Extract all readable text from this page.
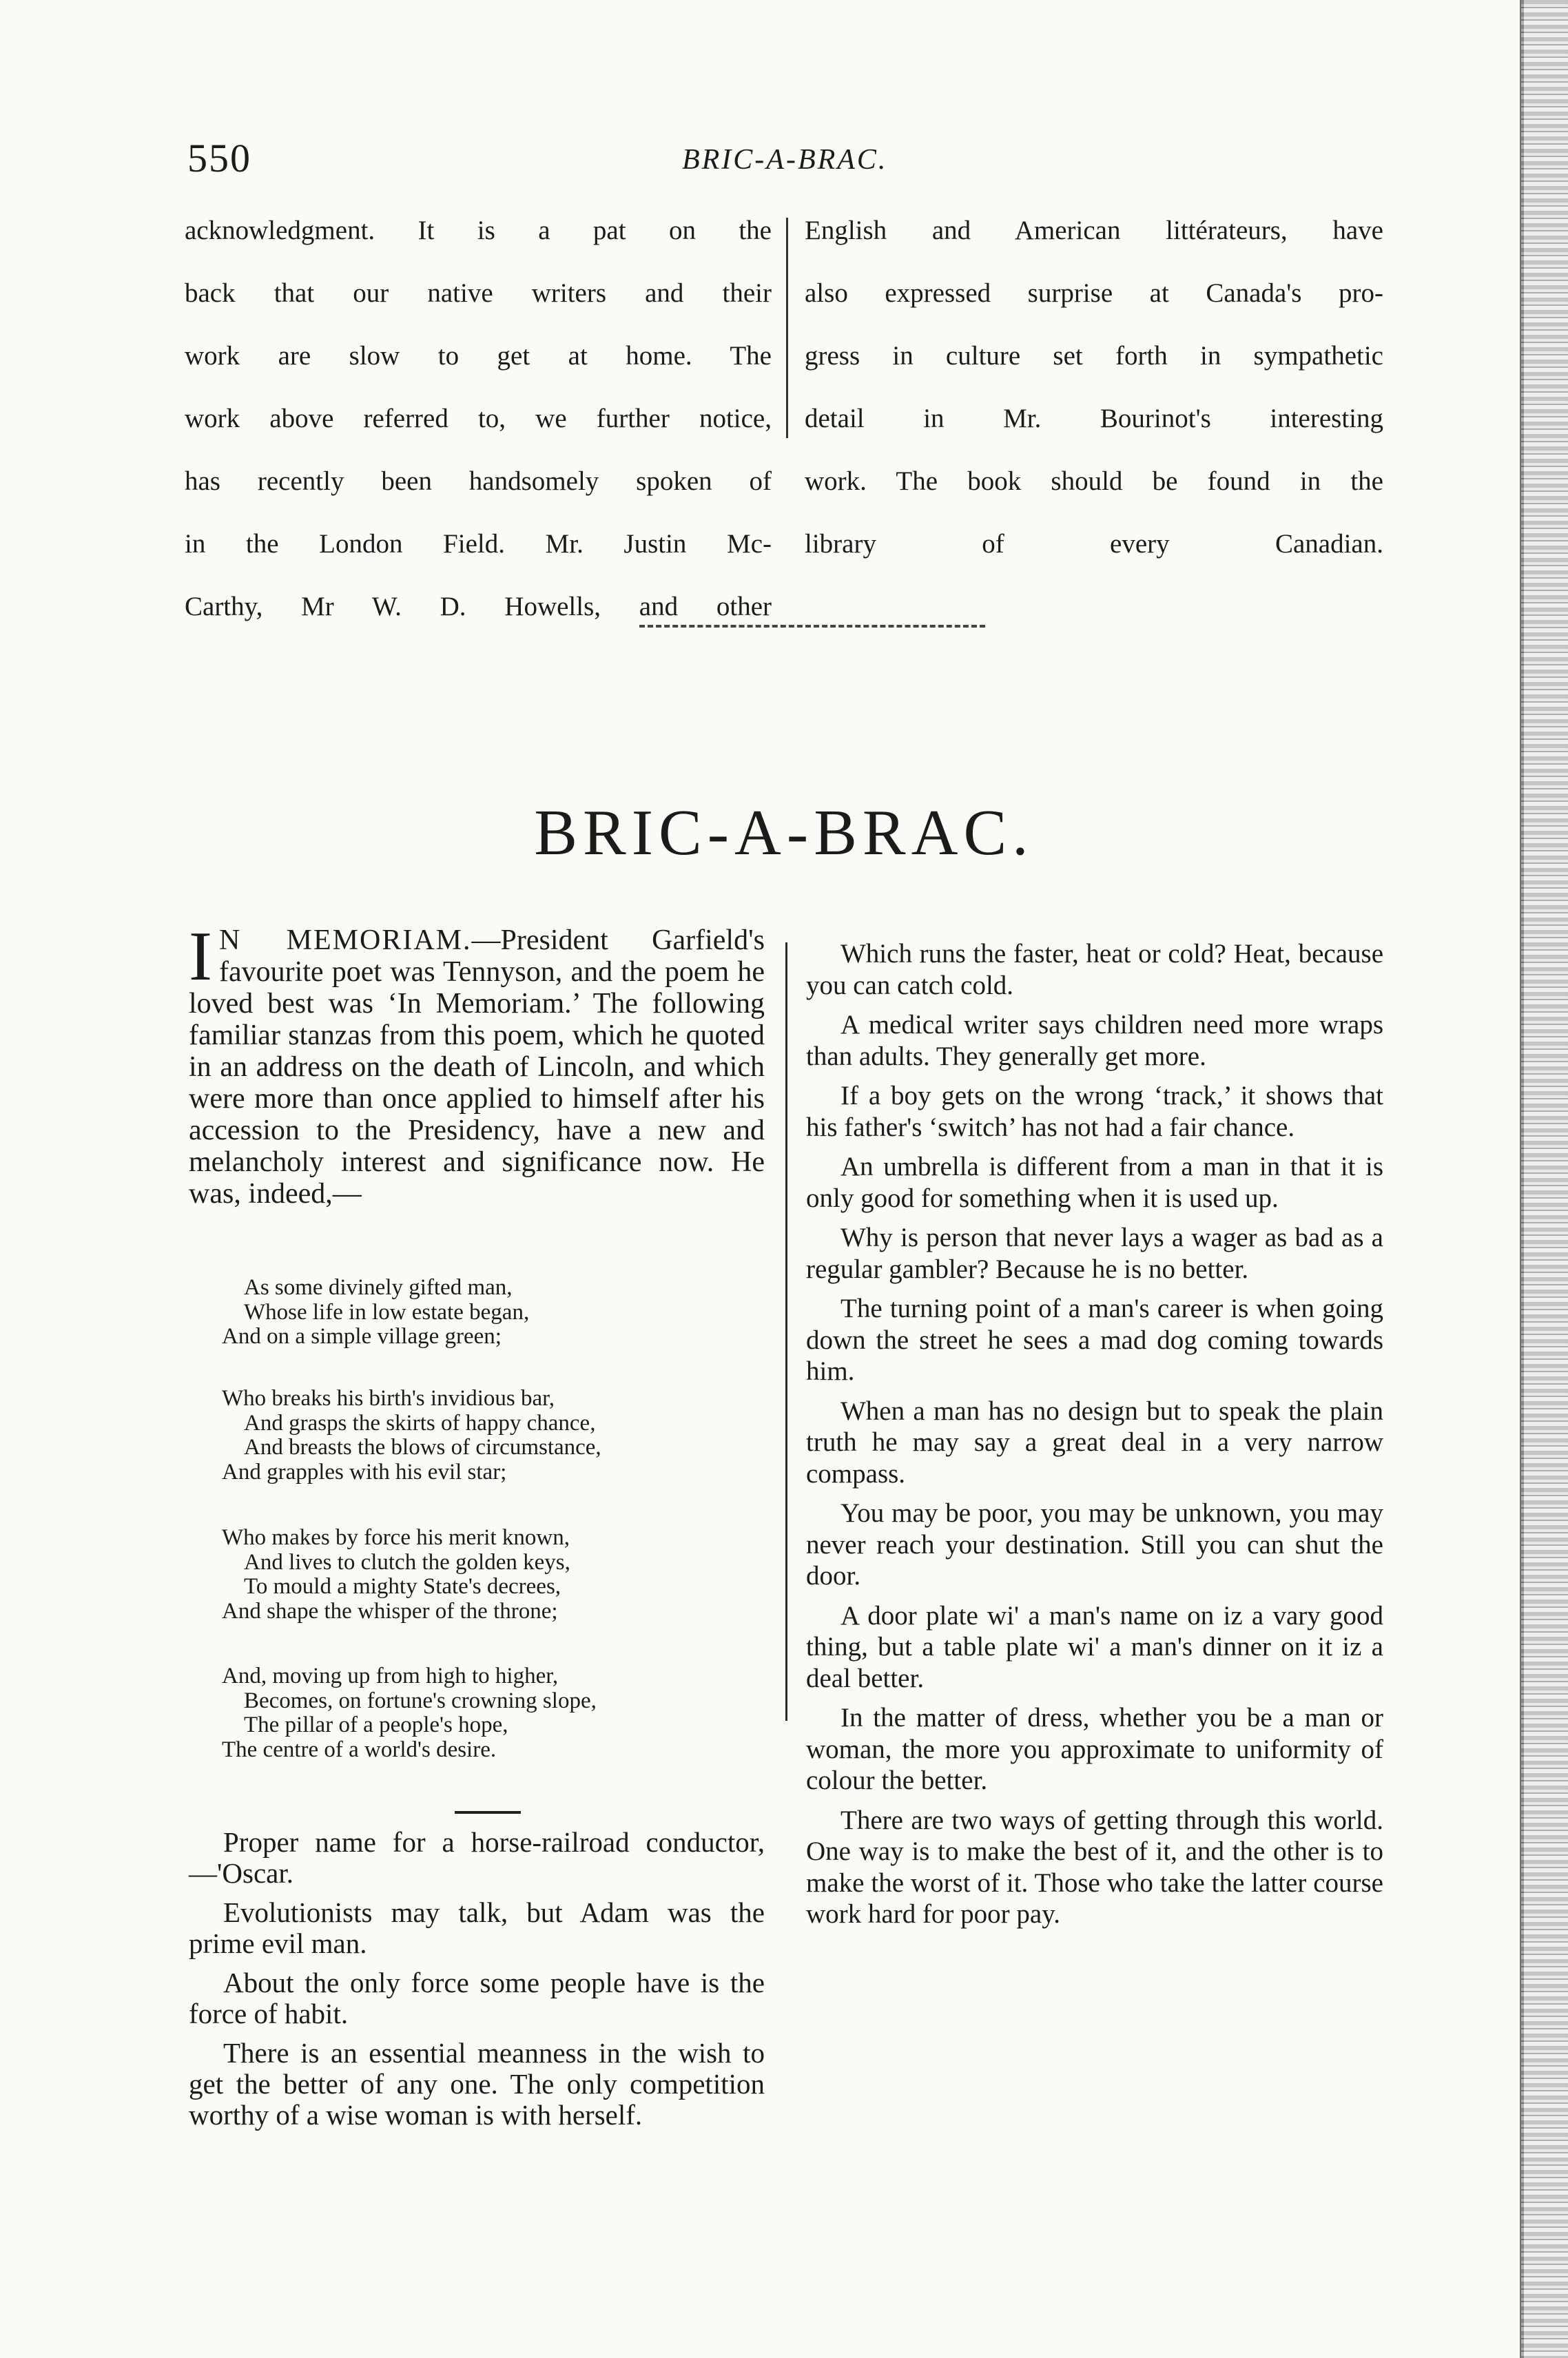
550	BRIC-A-BRAC.

acknowledgment. It is a pat on the

back that our native writers and their

work are slow to get at home. The

work above referred to, we further notice,

has recently been handsomely spoken of

in the London Field. Mr. Justin Mc-

Carthy, Mr W. D. Howells, and other

English and American littérateurs, have

also expressed surprise at Canada's pro-

gress in culture set forth in sympathetic

detail in Mr. Bourinot's interesting

work. The book should be found in the

library of every Canadian.

BRIC-A-BRAC.

I N MEMORIAM.—President Garfield's favourite poet was Tennyson, and the poem he loved best was ‘In Memoriam.’ The following familiar stanzas from this poem, which he quoted in an address on the death of Lincoln, and which were more than once applied to himself after his accession to the Presidency, have a new and melancholy interest and significance now. He was, indeed,—

As some divinely gifted man,
Whose life in low estate began,
And on a simple village green;
Who breaks his birth's invidious bar,
And grasps the skirts of happy chance,
And breasts the blows of circumstance,
And grapples with his evil star;
Who makes by force his merit known,
And lives to clutch the golden keys,
To mould a mighty State's decrees,
And shape the whisper of the throne;
And, moving up from high to higher,
Becomes, on fortune's crowning slope,
The pillar of a people's hope,
The centre of a world's desire.

Proper name for a horse-railroad conductor,—'Oscar.

Evolutionists may talk, but Adam was the prime evil man.

About the only force some people have is the force of habit.

There is an essential meanness in the wish to get the better of any one. The only competition worthy of a wise woman is with herself.

Which runs the faster, heat or cold? Heat, because you can catch cold.

A medical writer says children need more wraps than adults. They generally get more.

If a boy gets on the wrong ‘track,’ it shows that his father's ‘switch’ has not had a fair chance.

An umbrella is different from a man in that it is only good for something when it is used up.

Why is person that never lays a wager as bad as a regular gambler? Because he is no better.

The turning point of a man's career is when going down the street he sees a mad dog coming towards him.

When a man has no design but to speak the plain truth he may say a great deal in a very narrow compass.

You may be poor, you may be unknown, you may never reach your destination. Still you can shut the door.

A door plate wi' a man's name on iz a vary good thing, but a table plate wi' a man's dinner on it iz a deal better.

In the matter of dress, whether you be a man or woman, the more you approximate to uniformity of colour the better.

There are two ways of getting through this world. One way is to make the best of it, and the other is to make the worst of it. Those who take the latter course work hard for poor pay.
